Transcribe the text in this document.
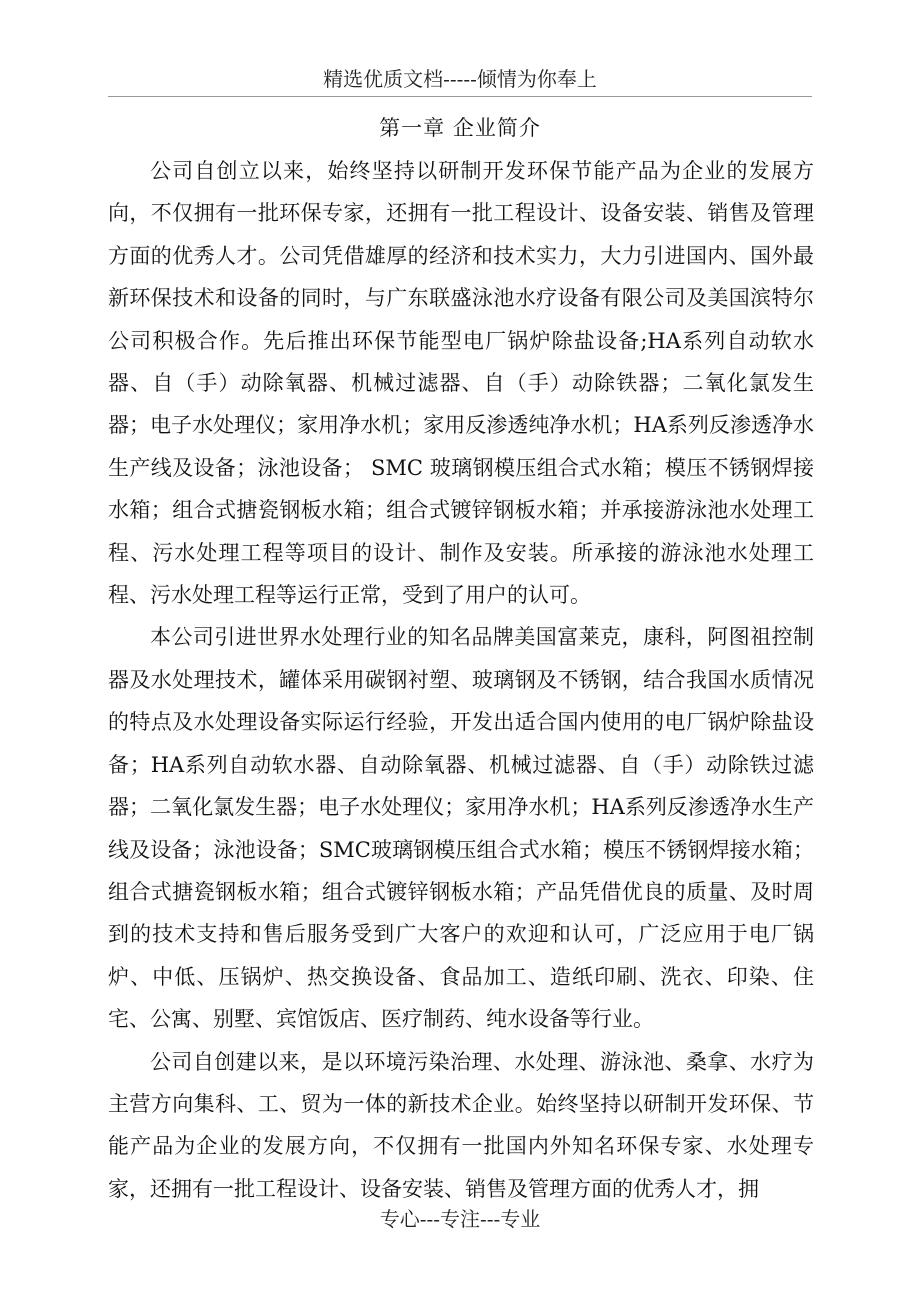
精选优质文档-----倾情为你奉上
第一章 企业简介

公司自创立以来，始终坚持以研制开发环保节能产品为企业的发展方向，不仅拥有一批环保专家，还拥有一批工程设计、设备安装、销售及管理方面的优秀人才。公司凭借雄厚的经济和技术实力，大力引进国内、国外最新环保技术和设备的同时，与广东联盛泳池水疗设备有限公司及美国滨特尔公司积极合作。先后推出环保节能型电厂锅炉除盐设备;HA系列自动软水器、自（手）动除氧器、机械过滤器、自（手）动除铁器；二氧化氯发生器；电子水处理仪；家用净水机；家用反渗透纯净水机；HA系列反渗透净水生产线及设备；泳池设备； SMC 玻璃钢模压组合式水箱；模压不锈钢焊接水箱；组合式搪瓷钢板水箱；组合式镀锌钢板水箱；并承接游泳池水处理工程、污水处理工程等项目的设计、制作及安装。所承接的游泳池水处理工程、污水处理工程等运行正常，受到了用户的认可。

本公司引进世界水处理行业的知名品牌美国富莱克，康科，阿图祖控制器及水处理技术，罐体采用碳钢衬塑、玻璃钢及不锈钢，结合我国水质情况的特点及水处理设备实际运行经验，开发出适合国内使用的电厂锅炉除盐设备；HA系列自动软水器、自动除氧器、机械过滤器、自（手）动除铁过滤器；二氧化氯发生器；电子水处理仪；家用净水机；HA系列反渗透净水生产线及设备；泳池设备；SMC玻璃钢模压组合式水箱；模压不锈钢焊接水箱；组合式搪瓷钢板水箱；组合式镀锌钢板水箱；产品凭借优良的质量、及时周到的技术支持和售后服务受到广大客户的欢迎和认可，广泛应用于电厂锅炉、中低、压锅炉、热交换设备、食品加工、造纸印刷、洗衣、印染、住宅、公寓、别墅、宾馆饭店、医疗制药、纯水设备等行业。

公司自创建以来，是以环境污染治理、水处理、游泳池、桑拿、水疗为主营方向集科、工、贸为一体的新技术企业。始终坚持以研制开发环保、节能产品为企业的发展方向，不仅拥有一批国内外知名环保专家、水处理专家，还拥有一批工程设计、设备安装、销售及管理方面的优秀人才，拥

专心---专注---专业
